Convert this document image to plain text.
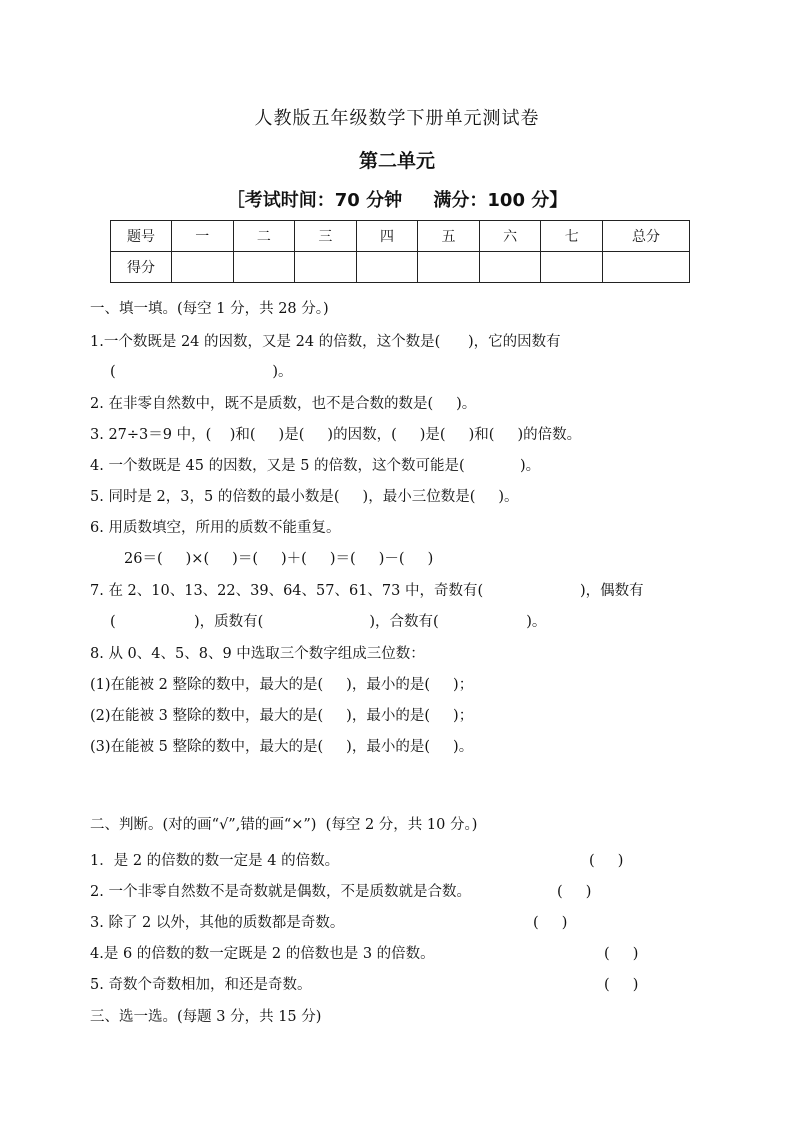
人教版五年级数学下册单元测试卷
第二单元
［考试时间：70 分钟     满分：100 分】
题号	一	二	三	四	五	六	七	总分
得分								
一、填一填。(每空 1 分，共 28 分。)
1.一个数既是 24 的因数，又是 24 的倍数，这个数是(      )，它的因数有
(                                  )。
2. 在非零自然数中，既不是质数，也不是合数的数是(     )。
3. 27÷3＝9 中，(    )和(     )是(     )的因数，(     )是(     )和(     )的倍数。
4. 一个数既是 45 的因数，又是 5 的倍数，这个数可能是(            )。
5. 同时是 2，3，5 的倍数的最小数是(     )，最小三位数是(     )。
6. 用质数填空，所用的质数不能重复。
26＝(     )×(     )＝(     )＋(     )＝(     )－(     )
7. 在 2、10、13、22、39、64、57、61、73 中，奇数有(                     )，偶数有
(                 )，质数有(                       )，合数有(                   )。
8. 从 0、4、5、8、9 中选取三个数字组成三位数：
(1)在能被 2 整除的数中，最大的是(     )，最小的是(     )；
(2)在能被 3 整除的数中，最大的是(     )，最小的是(     )；
(3)在能被 5 整除的数中，最大的是(     )，最小的是(     )。
二、判断。(对的画“√”,错的画“×”)  (每空 2 分，共 10 分。)
1．是 2 的倍数的数一定是 4 的倍数。	(     )
2. 一个非零自然数不是奇数就是偶数，不是质数就是合数。	(     )
3. 除了 2 以外，其他的质数都是奇数。	(     )
4.是 6 的倍数的数一定既是 2 的倍数也是 3 的倍数。	(     )
5. 奇数个奇数相加，和还是奇数。	(     )
三、选一选。(每题 3 分，共 15 分)
